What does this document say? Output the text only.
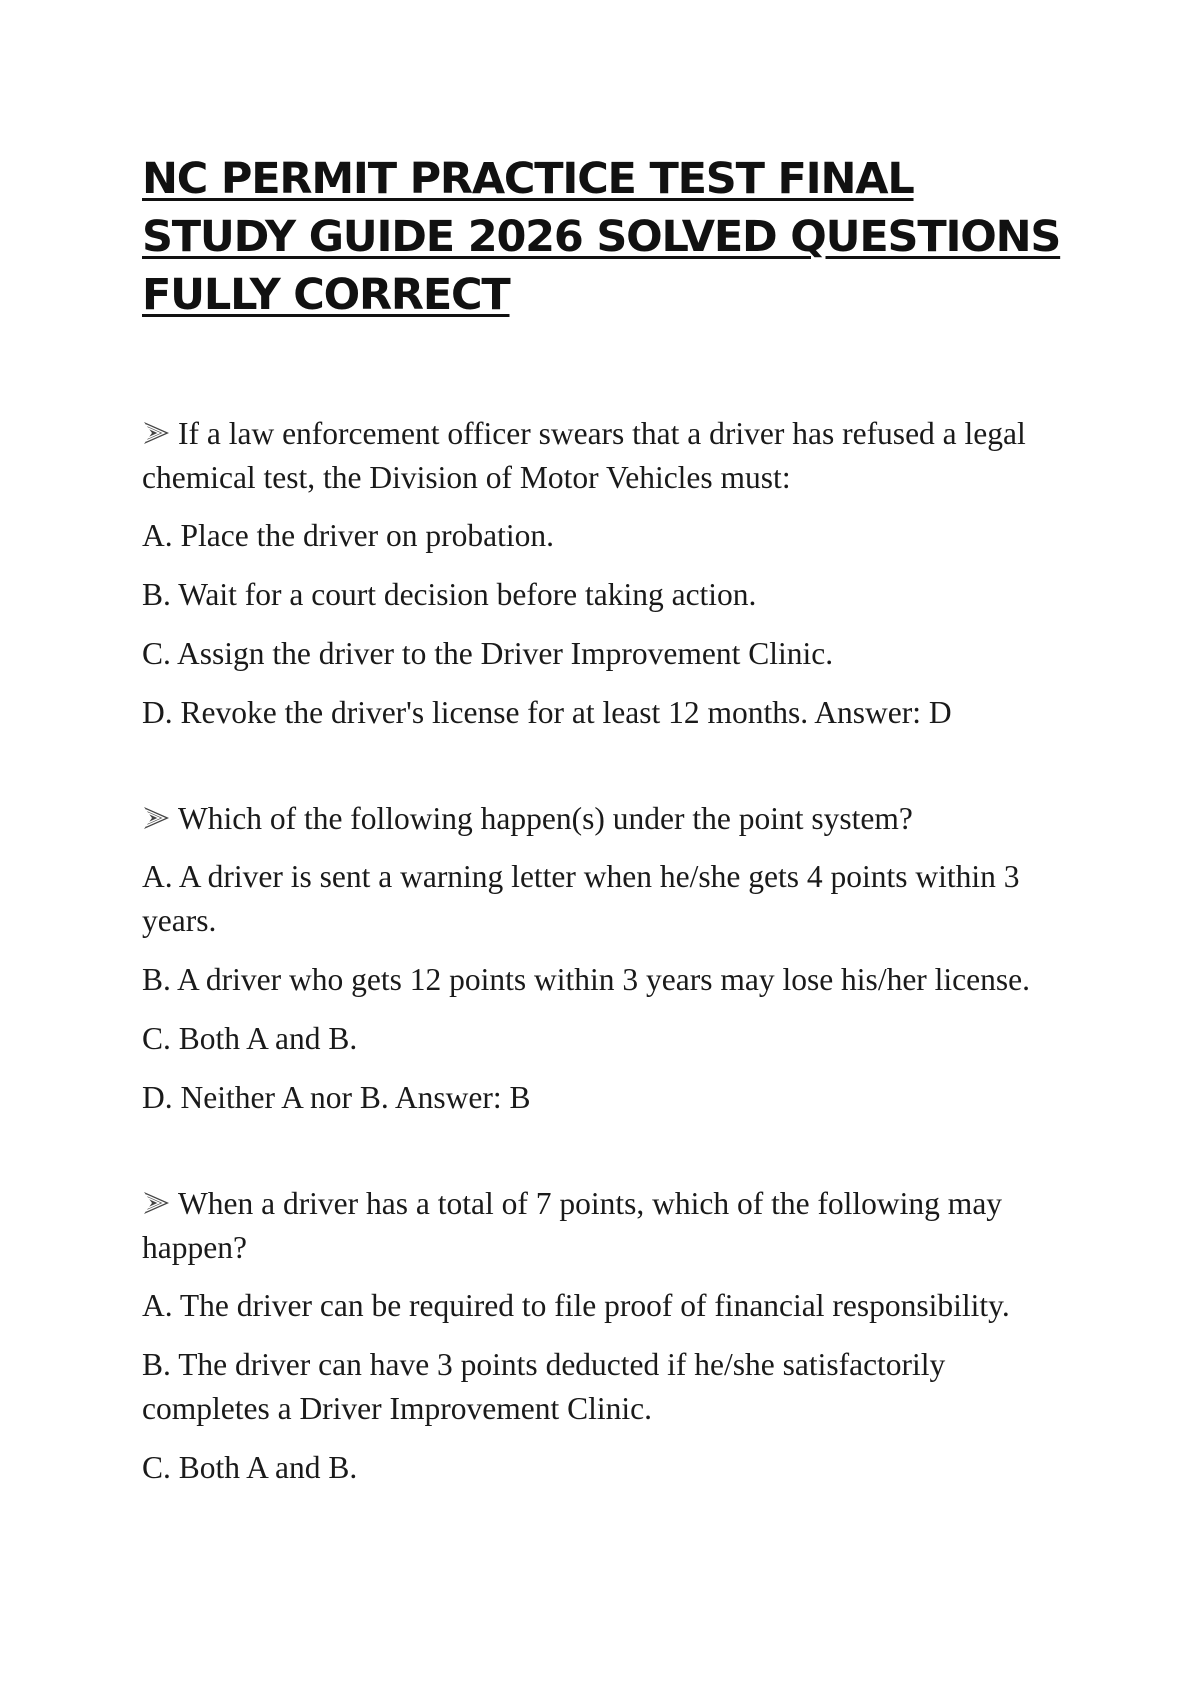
NC PERMIT PRACTICE TEST FINAL STUDY GUIDE 2026 SOLVED QUESTIONS FULLY CORRECT

If a law enforcement officer swears that a driver has refused a legal chemical test, the Division of Motor Vehicles must:

A. Place the driver on probation.

B. Wait for a court decision before taking action.

C. Assign the driver to the Driver Improvement Clinic.

D. Revoke the driver's license for at least 12 months. Answer: D

Which of the following happen(s) under the point system?

A. A driver is sent a warning letter when he/she gets 4 points within 3 years.

B. A driver who gets 12 points within 3 years may lose his/her license.

C. Both A and B.

D. Neither A nor B. Answer: B

When a driver has a total of 7 points, which of the following may happen?

A. The driver can be required to file proof of financial responsibility.

B. The driver can have 3 points deducted if he/she satisfactorily completes a Driver Improvement Clinic.

C. Both A and B.
